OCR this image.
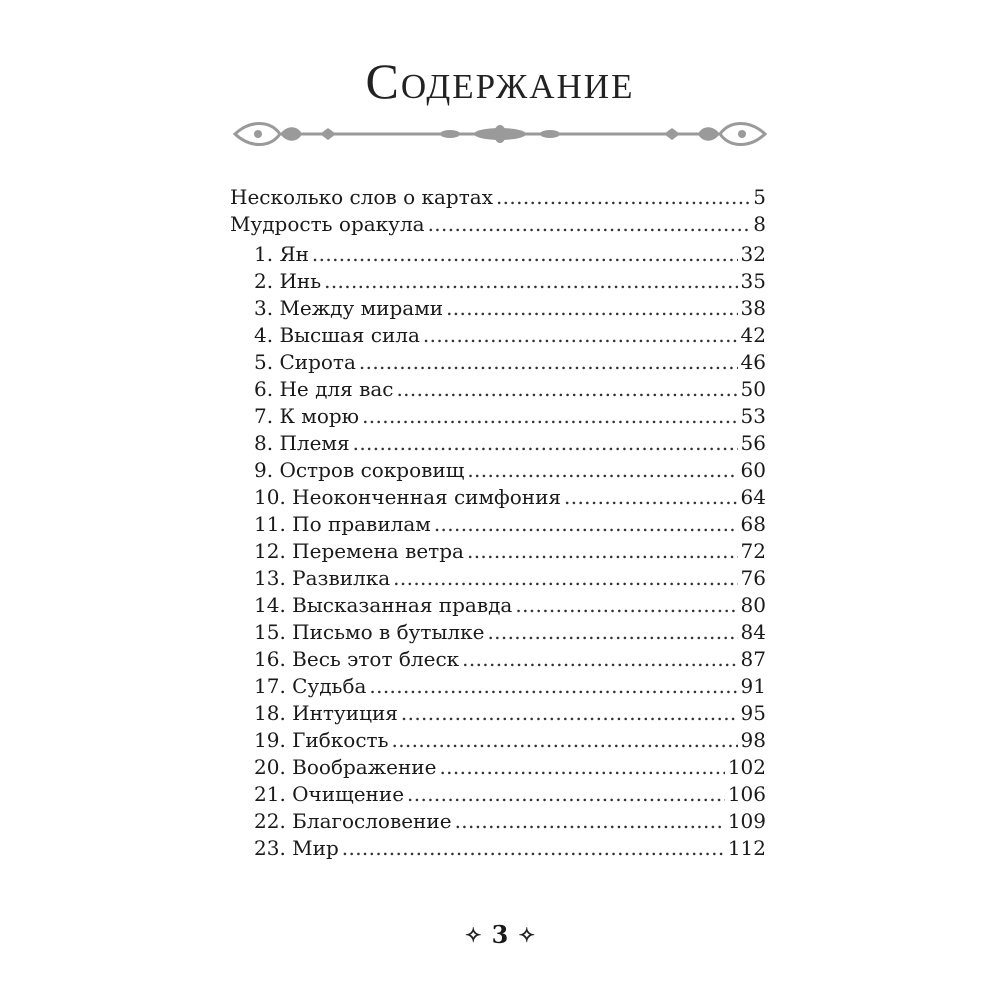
Содержание
Несколько слов о картах . . .	5
Мудрость оракула . . .	8
1. Ян . . .	32
2. Инь . . .	35
3. Между мирами . . .	38
4. Высшая сила . . .	42
5. Сирота . . .	46
6. Не для вас . . .	50
7. К морю . . .	53
8. Племя . . .	56
9. Остров сокровищ . . .	60
10. Неоконченная симфония . . .	64
11. По правилам . . .	68
12. Перемена ветра . . .	72
13. Развилка . . .	76
14. Высказанная правда . . .	80
15. Письмо в бутылке . . .	84
16. Весь этот блеск . . .	87
17. Судьба . . .	91
18. Интуиция . . .	95
19. Гибкость . . .	98
20. Воображение . . .	102
21. Очищение . . .	106
22. Благословение . . .	109
23. Мир . . .	112
✧ 3 ✧
